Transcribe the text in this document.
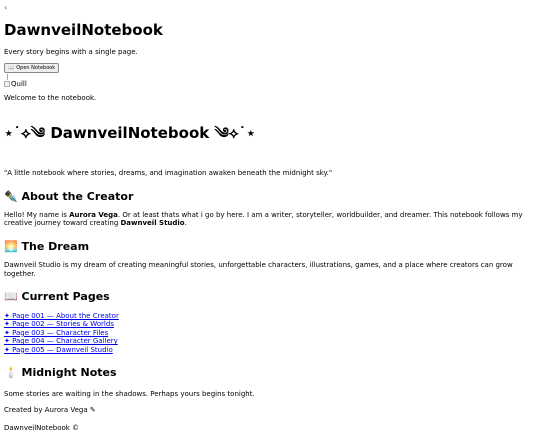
‹
DawnveilNotebook

Every story begins with a single page.

📖 Open Notebook
Quill

Welcome to the notebook.

⋆˙⟡༄ DawnveilNotebook ༄⟡˙⋆

"A little notebook where stories, dreams, and imagination awaken beneath the midnight sky."

✒️ About the Creator

Hello! My name is Aurora Vega. Or at least thats what i go by here. I am a writer, storyteller, worldbuilder, and dreamer. This notebook follows my creative journey toward creating Dawnveil Studio.

🌅 The Dream

Dawnveil Studio is my dream of creating meaningful stories, unforgettable characters, illustrations, games, and a place where creators can grow together.

📖 Current Pages
✦ Page 001 — About the Creator
✦ Page 002 — Stories & Worlds
✦ Page 003 — Character Files
✦ Page 004 — Character Gallery
✦ Page 005 — Dawnveil Studio
🕯️ Midnight Notes

Some stories are waiting in the shadows. Perhaps yours begins tonight.

Created by Aurora Vega ✎

DawnveilNotebook ©
